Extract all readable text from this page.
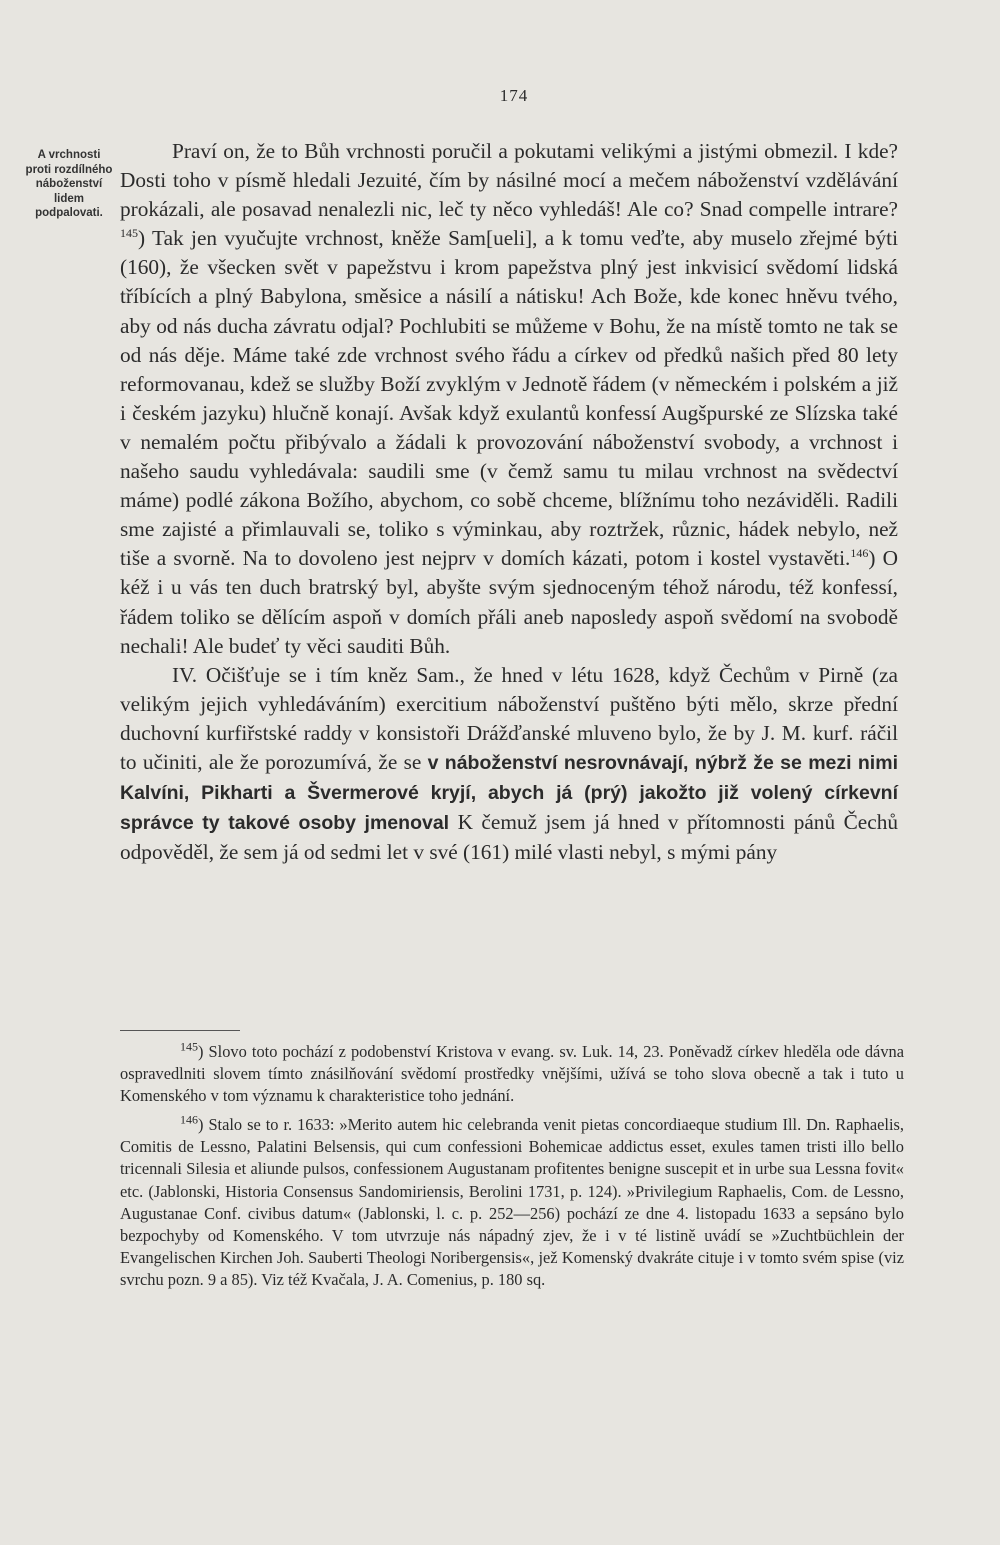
174
A vrchnosti proti rozdílného náboženství lidem podpalovati.

Praví on, že to Bůh vrchnosti poručil a pokutami velikými a jistými obmezil. I kde? Dosti toho v písmě hledali Jezuité, čím by násilné mocí a mečem náboženství vzdělávání prokázali, ale posavad nenalezli nic, leč ty něco vyhledáš! Ale co? Snad compelle intrare?$^{145}$) Tak jen vyučujte vrchnost, kněže Sam[ueli], a k tomu veďte, aby muselo zřejmé býti (160), že všecken svět v papežstvu i krom papežstva plný jest inkvisicí svědomí lidská tříbících a plný Babylona, směsice a násilí a nátisku! Ach Bože, kde konec hněvu tvého, aby od nás ducha závratu odjal? Pochlubiti se můžeme v Bohu, že na místě tomto ne tak se od nás děje. Máme také zde vrchnost svého řádu a církev od předků našich před 80 lety reformovanau, kdež se služby Boží zvyklým v Jednotě řádem (v německém i polském a již i českém jazyku) hlučně konají. Avšak když exulantů konfessí Augšpurské ze Slízska také v nemalém počtu přibývalo a žádali k provozování náboženství svobody, a vrchnost i našeho saudu vyhledávala: saudili sme (v čemž samu tu milau vrchnost na svědectví máme) podlé zákona Božího, abychom, co sobě chceme, blížnímu toho nezáviděli. Radili sme zajisté a přimlauvali se, toliko s výminkau, aby roztržek, různic, hádek nebylo, než tiše a svorně. Na to dovoleno jest nejprv v domích kázati, potom i kostel vystavěti.$^{146}$) O kéž i u vás ten duch bratrský byl, abyšte svým sjednoceným téhož národu, též konfessí, řádem toliko se dělícím aspoň v domích přáli aneb naposledy aspoň svědomí na svobodě nechali! Ale budeť ty věci sauditi Bůh.

IV. Očišťuje se i tím kněz Sam., že hned v létu 1628, když Čechům v Pirně (za velikým jejich vyhledáváním) exercitium náboženství puštěno býti mělo, skrze přední duchovní kurfiřstské raddy v konsistoři Drážďanské mluveno bylo, že by J. M. kurf. ráčil to učiniti, ale že porozumívá, že se v náboženství nesrovnávají, nýbrž že se mezi nimi Kalvíni, Pikharti a Švermerové kryjí, abych já (prý) jakožto již volený církevní správce ty takové osoby jmenoval K čemuž jsem já hned v přítomnosti pánů Čechů odpověděl, že sem já od sedmi let v své (161) milé vlasti nebyl, s mými pány

$^{145}$) Slovo toto pochází z podobenství Kristova v evang. sv. Luk. 14, 23. Poněvadž církev hleděla ode dávna ospravedlniti slovem tímto znásilňování svědomí prostředky vnějšími, užívá se toho slova obecně a tak i tuto u Komenského v tom významu k charakteristice toho jednání.

$^{146}$) Stalo se to r. 1633: »Merito autem hic celebranda venit pietas concordiaeque studium Ill. Dn. Raphaelis, Comitis de Lessno, Palatini Belsensis, qui cum confessioni Bohemicae addictus esset, exules tamen tristi illo bello tricennali Silesia et aliunde pulsos, confessionem Augustanam profitentes benigne suscepit et in urbe sua Lessna fovit« etc. (Jablonski, Historia Consensus Sandomiriensis, Berolini 1731, p. 124). »Privilegium Raphaelis, Com. de Lessno, Augustanae Conf. civibus datum« (Jablonski, l. c. p. 252—256) pochází ze dne 4. listopadu 1633 a sepsáno bylo bezpochyby od Komenského. V tom utvrzuje nás nápadný zjev, že i v té listině uvádí se »Zuchtbüchlein der Evangelischen Kirchen Joh. Sauberti Theologi Noribergensis«, jež Komenský dvakráte cituje i v tomto svém spise (viz svrchu pozn. 9 a 85). Viz též Kvačala, J. A. Comenius, p. 180 sq.
